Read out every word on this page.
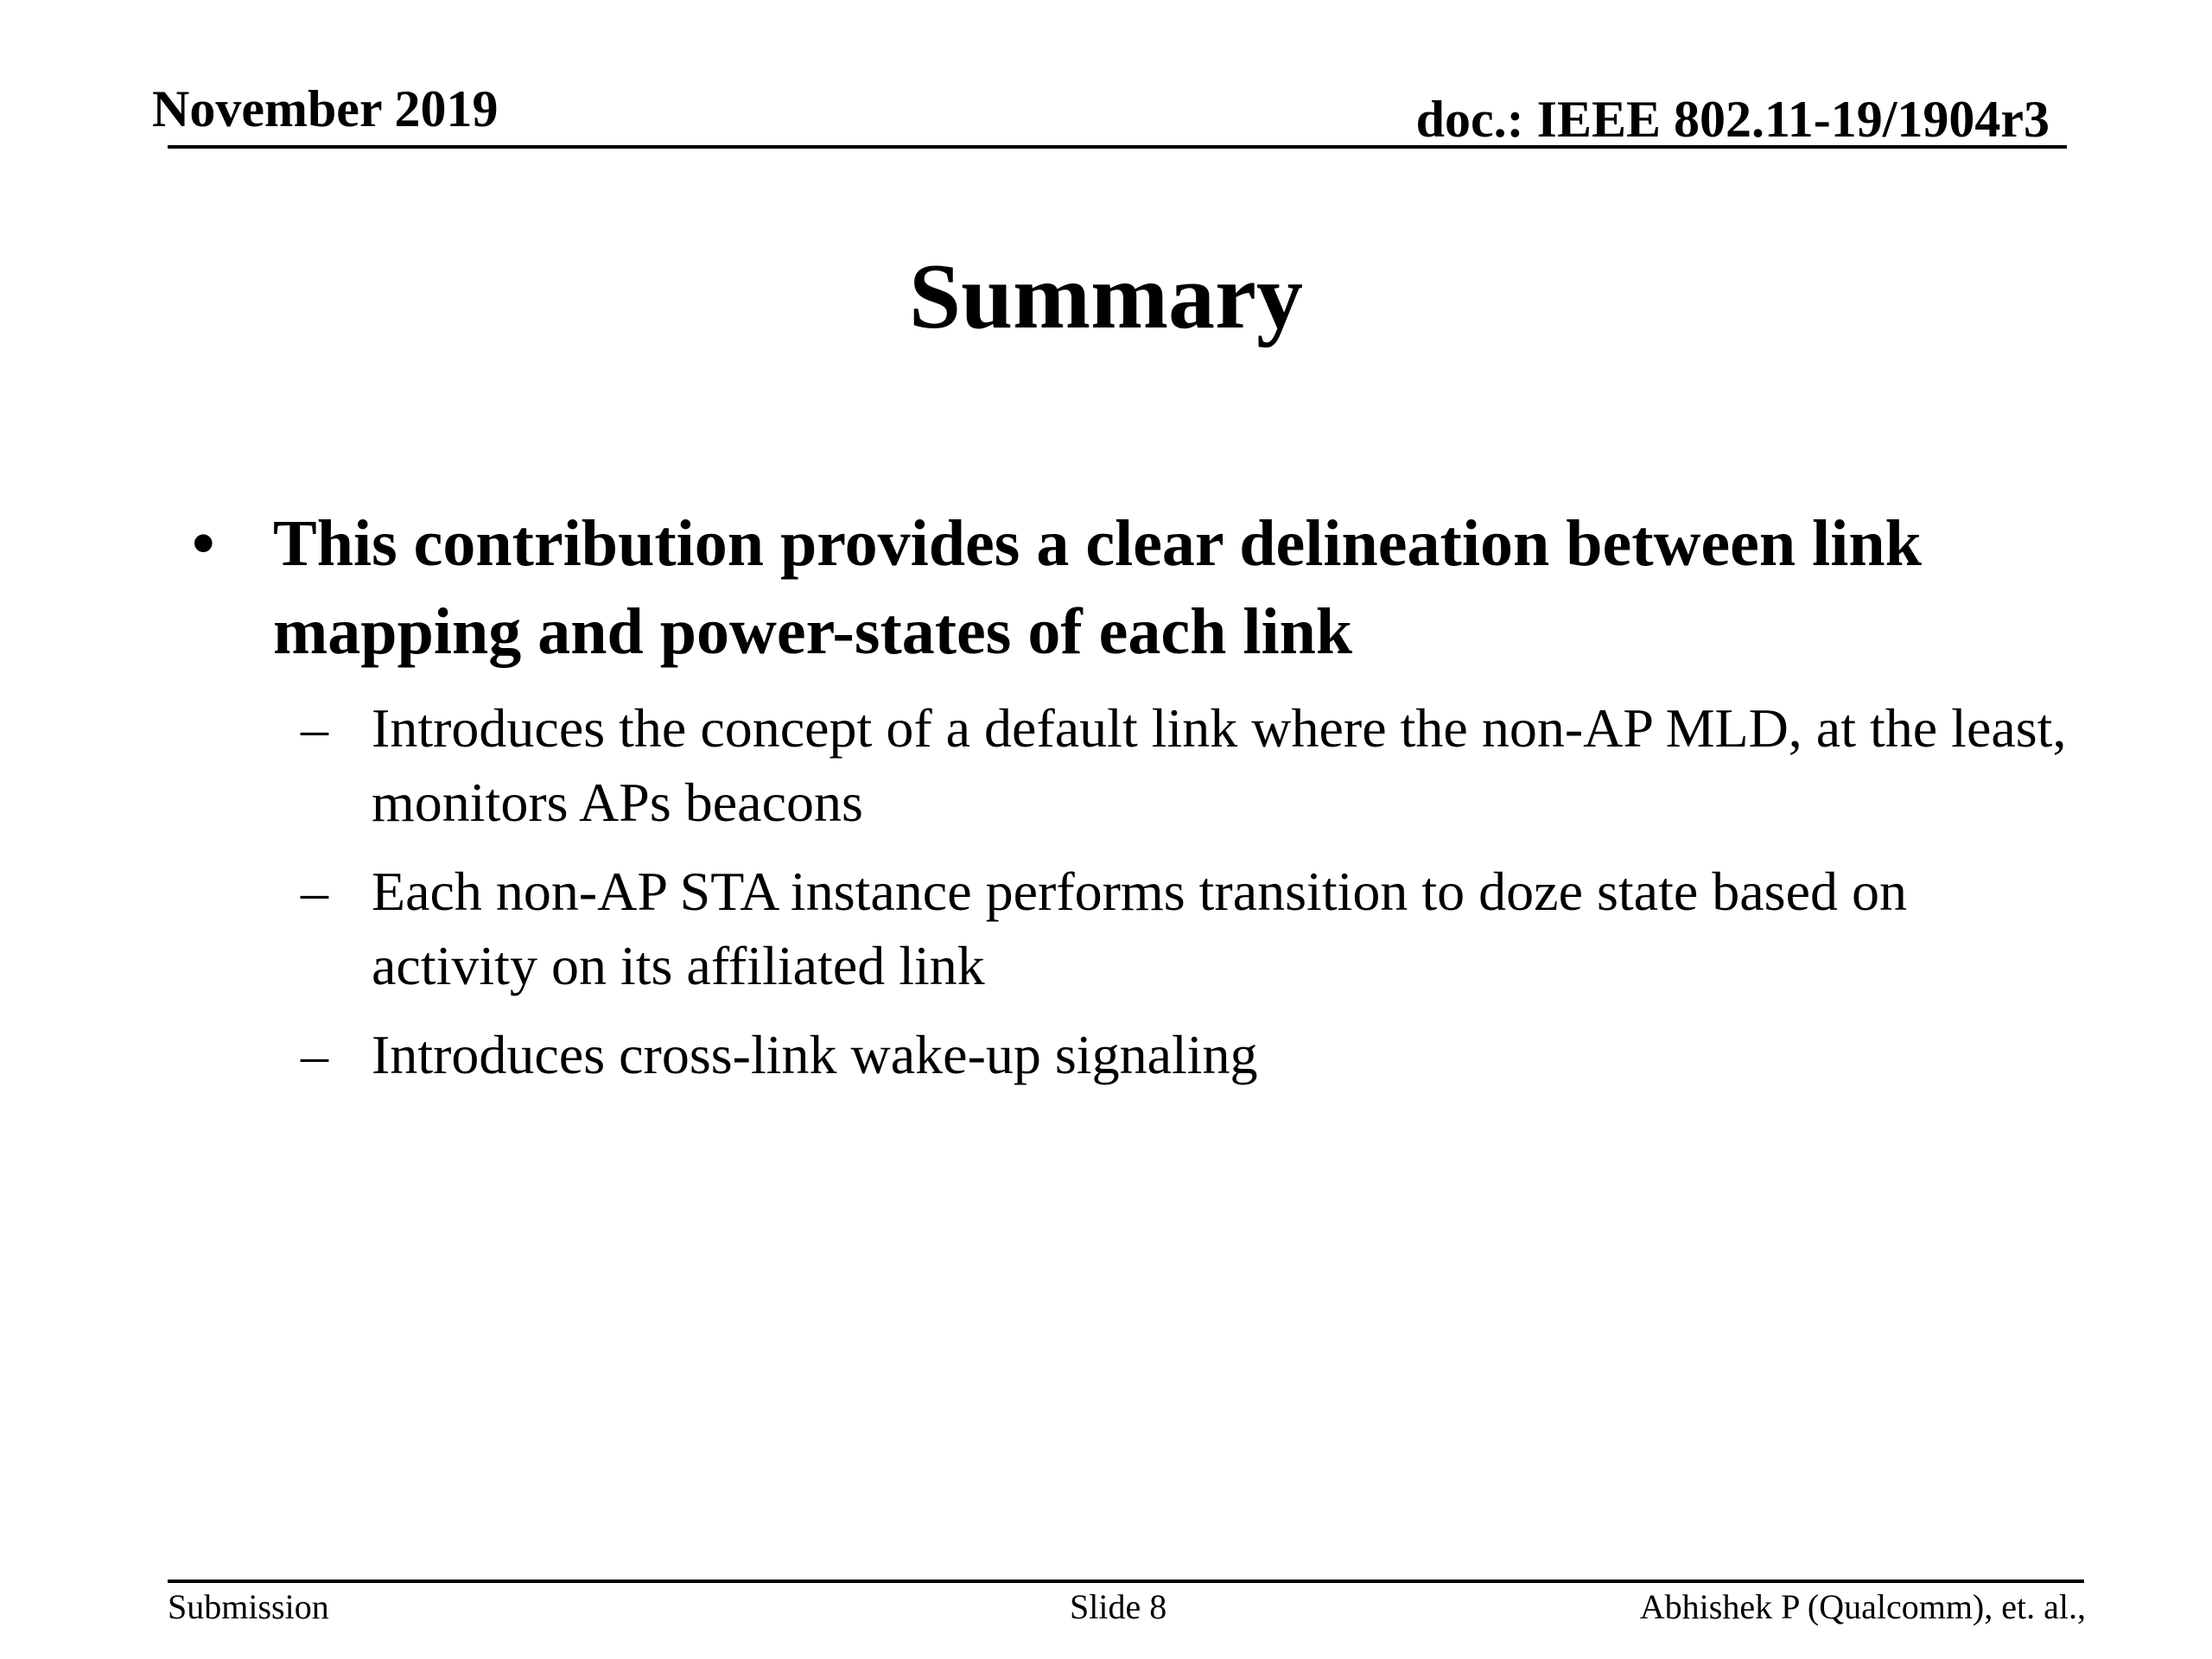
November 2019	doc.: IEEE 802.11-19/1904r3
Summary
• This contribution provides a clear delineation between link mapping and power-states of each link
– Introduces the concept of a default link where the non-AP MLD, at the least, monitors APs beacons
– Each non-AP STA instance performs transition to doze state based on activity on its affiliated link
– Introduces cross-link wake-up signaling
Submission	Slide 8	Abhishek P (Qualcomm), et. al.,
